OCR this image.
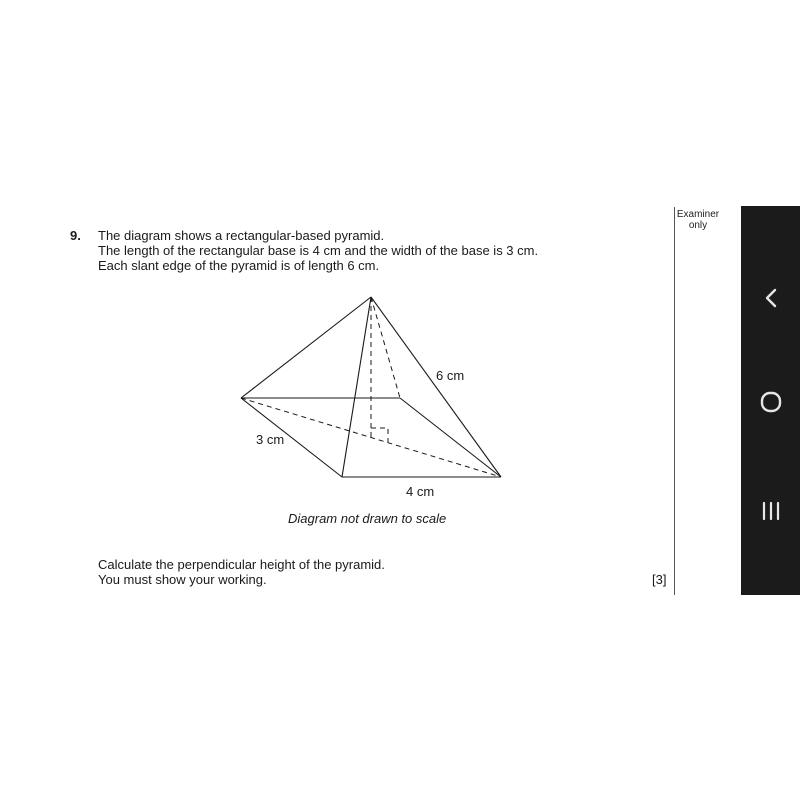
9. The diagram shows a rectangular-based pyramid.
The length of the rectangular base is 4 cm and the width of the base is 3 cm.
Each slant edge of the pyramid is of length 6 cm.
6 cm
3 cm
4 cm
Diagram not drawn to scale
Calculate the perpendicular height of the pyramid.
You must show your working.	[3]
Examiner
only
